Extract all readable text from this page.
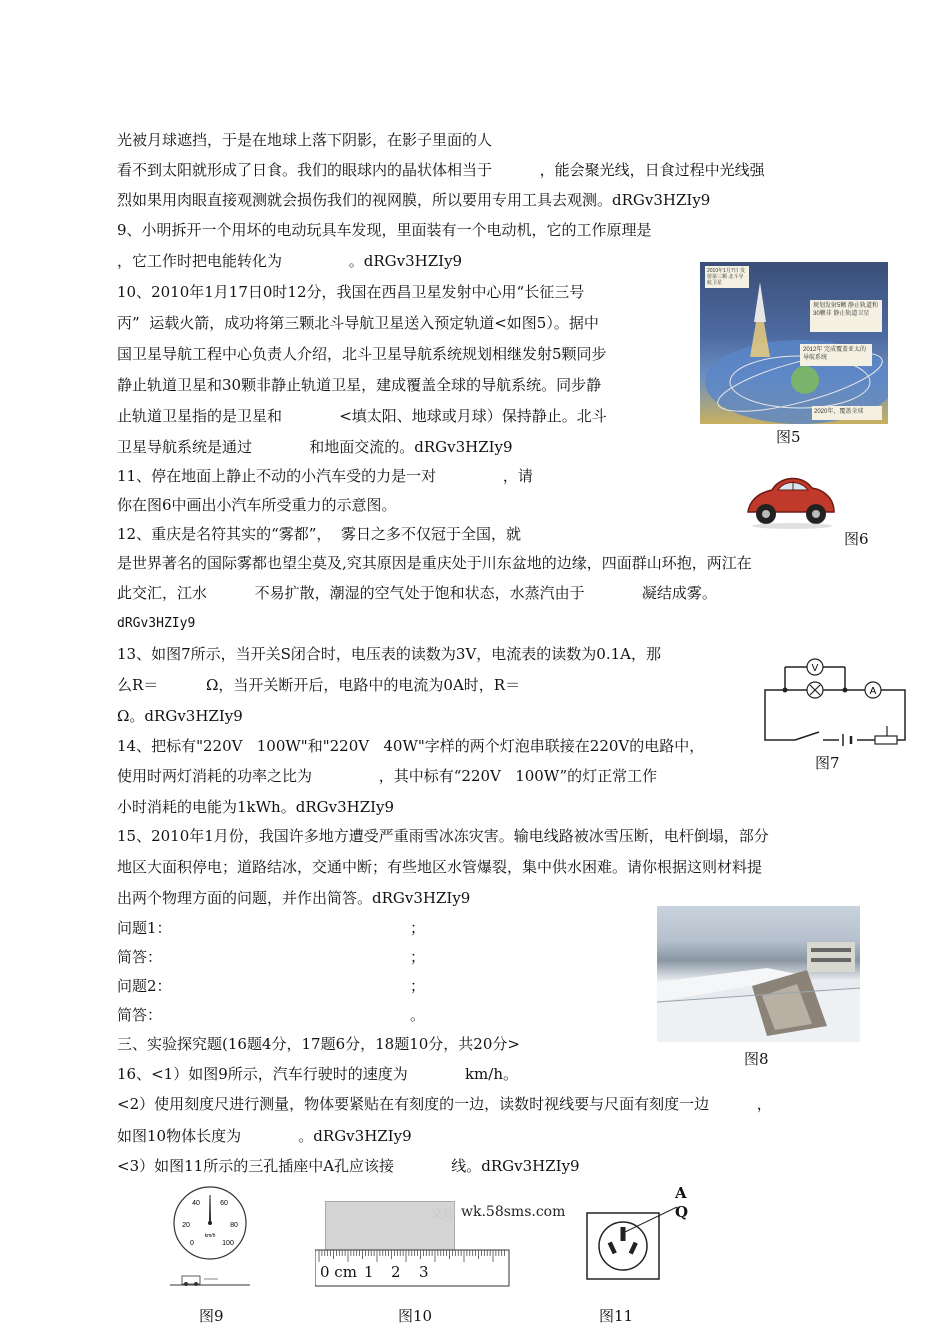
光被月球遮挡，于是在地球上落下阴影，在影子里面的人
看不到太阳就形成了日食。我们的眼球内的晶状体相当于          ，能会聚光线，日食过程中光线强
烈如果用肉眼直接观测就会损伤我们的视网膜，所以要用专用工具去观测。dRGv3HZIy9
9、小明拆开一个用坏的电动玩具车发现，里面装有一个电动机，它的工作原理是
，它工作时把电能转化为              。dRGv3HZIy9
10、2010年1月17日0时12分，我国在西昌卫星发射中心用“长征三号
丙”  运载火箭，成功将第三颗北斗导航卫星送入预定轨道<如图5）。据中
国卫星导航工程中心负责人介绍，北斗卫星导航系统规划相继发射5颗同步
静止轨道卫星和30颗非静止轨道卫星，建成覆盖全球的导航系统。同步静
止轨道卫星指的是卫星和            <填太阳、地球或月球）保持静止。北斗
卫星导航系统是通过            和地面交流的。dRGv3HZIy9
11、停在地面上静止不动的小汽车受的力是一对              ，请
你在图6中画出小汽车所受重力的示意图。
12、重庆是名符其实的“雾都”，  雾日之多不仅冠于全国，就
是世界著名的国际雾都也望尘莫及,究其原因是重庆处于川东盆地的边缘，四面群山环抱，两江在
此交汇，江水          不易扩散，潮湿的空气处于饱和状态，水蒸汽由于            凝结成雾。
dRGv3HZIy9
13、如图7所示，当开关S闭合时，电压表的读数为3V，电流表的读数为0.1A，那
么R＝          Ω，当开关断开后，电路中的电流为0A时，R＝
Ω。dRGv3HZIy9
14、把标有"220V   100W"和"220V   40W"字样的两个灯泡串联接在220V的电路中，
使用时两灯消耗的功率之比为              ，其中标有“220V   100W”的灯正常工作
小时消耗的电能为1kWh。dRGv3HZIy9
15、2010年1月份，我国许多地方遭受严重雨雪冰冻灾害。输电线路被冰雪压断，电杆倒塌，部分
地区大面积停电；道路结冰，交通中断；有些地区水管爆裂，集中供水困难。请你根据这则材料提
出两个物理方面的问题，并作出简答。dRGv3HZIy9
问题1：                                                  ；
简答：                                                    ；
问题2：                                                  ；
简答：                                                    。
三、实验探究题(16题4分，17题6分，18题10分，共20分>
16、<1）如图9所示，汽车行驶时的速度为            km/h。
<2）使用刻度尺进行测量，物体要紧贴在有刻度的一边，读数时视线要与尺面有刻度一边          ，
如图10物体长度为            。dRGv3HZIy9
<3）如图11所示的三孔插座中A孔应该接            线。dRGv3HZIy9
2010年1月7日 发射第三颗 北斗导航卫星
规划发射5颗 静止轨道和30颗非 静止轨道卫星
2012年 完成覆盖亚太的导航系统
2020年，覆盖全球
图5
图6
V
A
图7
图8
20
40	60
80
100
0
km/h
图9
文库 wk.58sms.com
0 cm 1 2 3
图10
A
Q
图11
